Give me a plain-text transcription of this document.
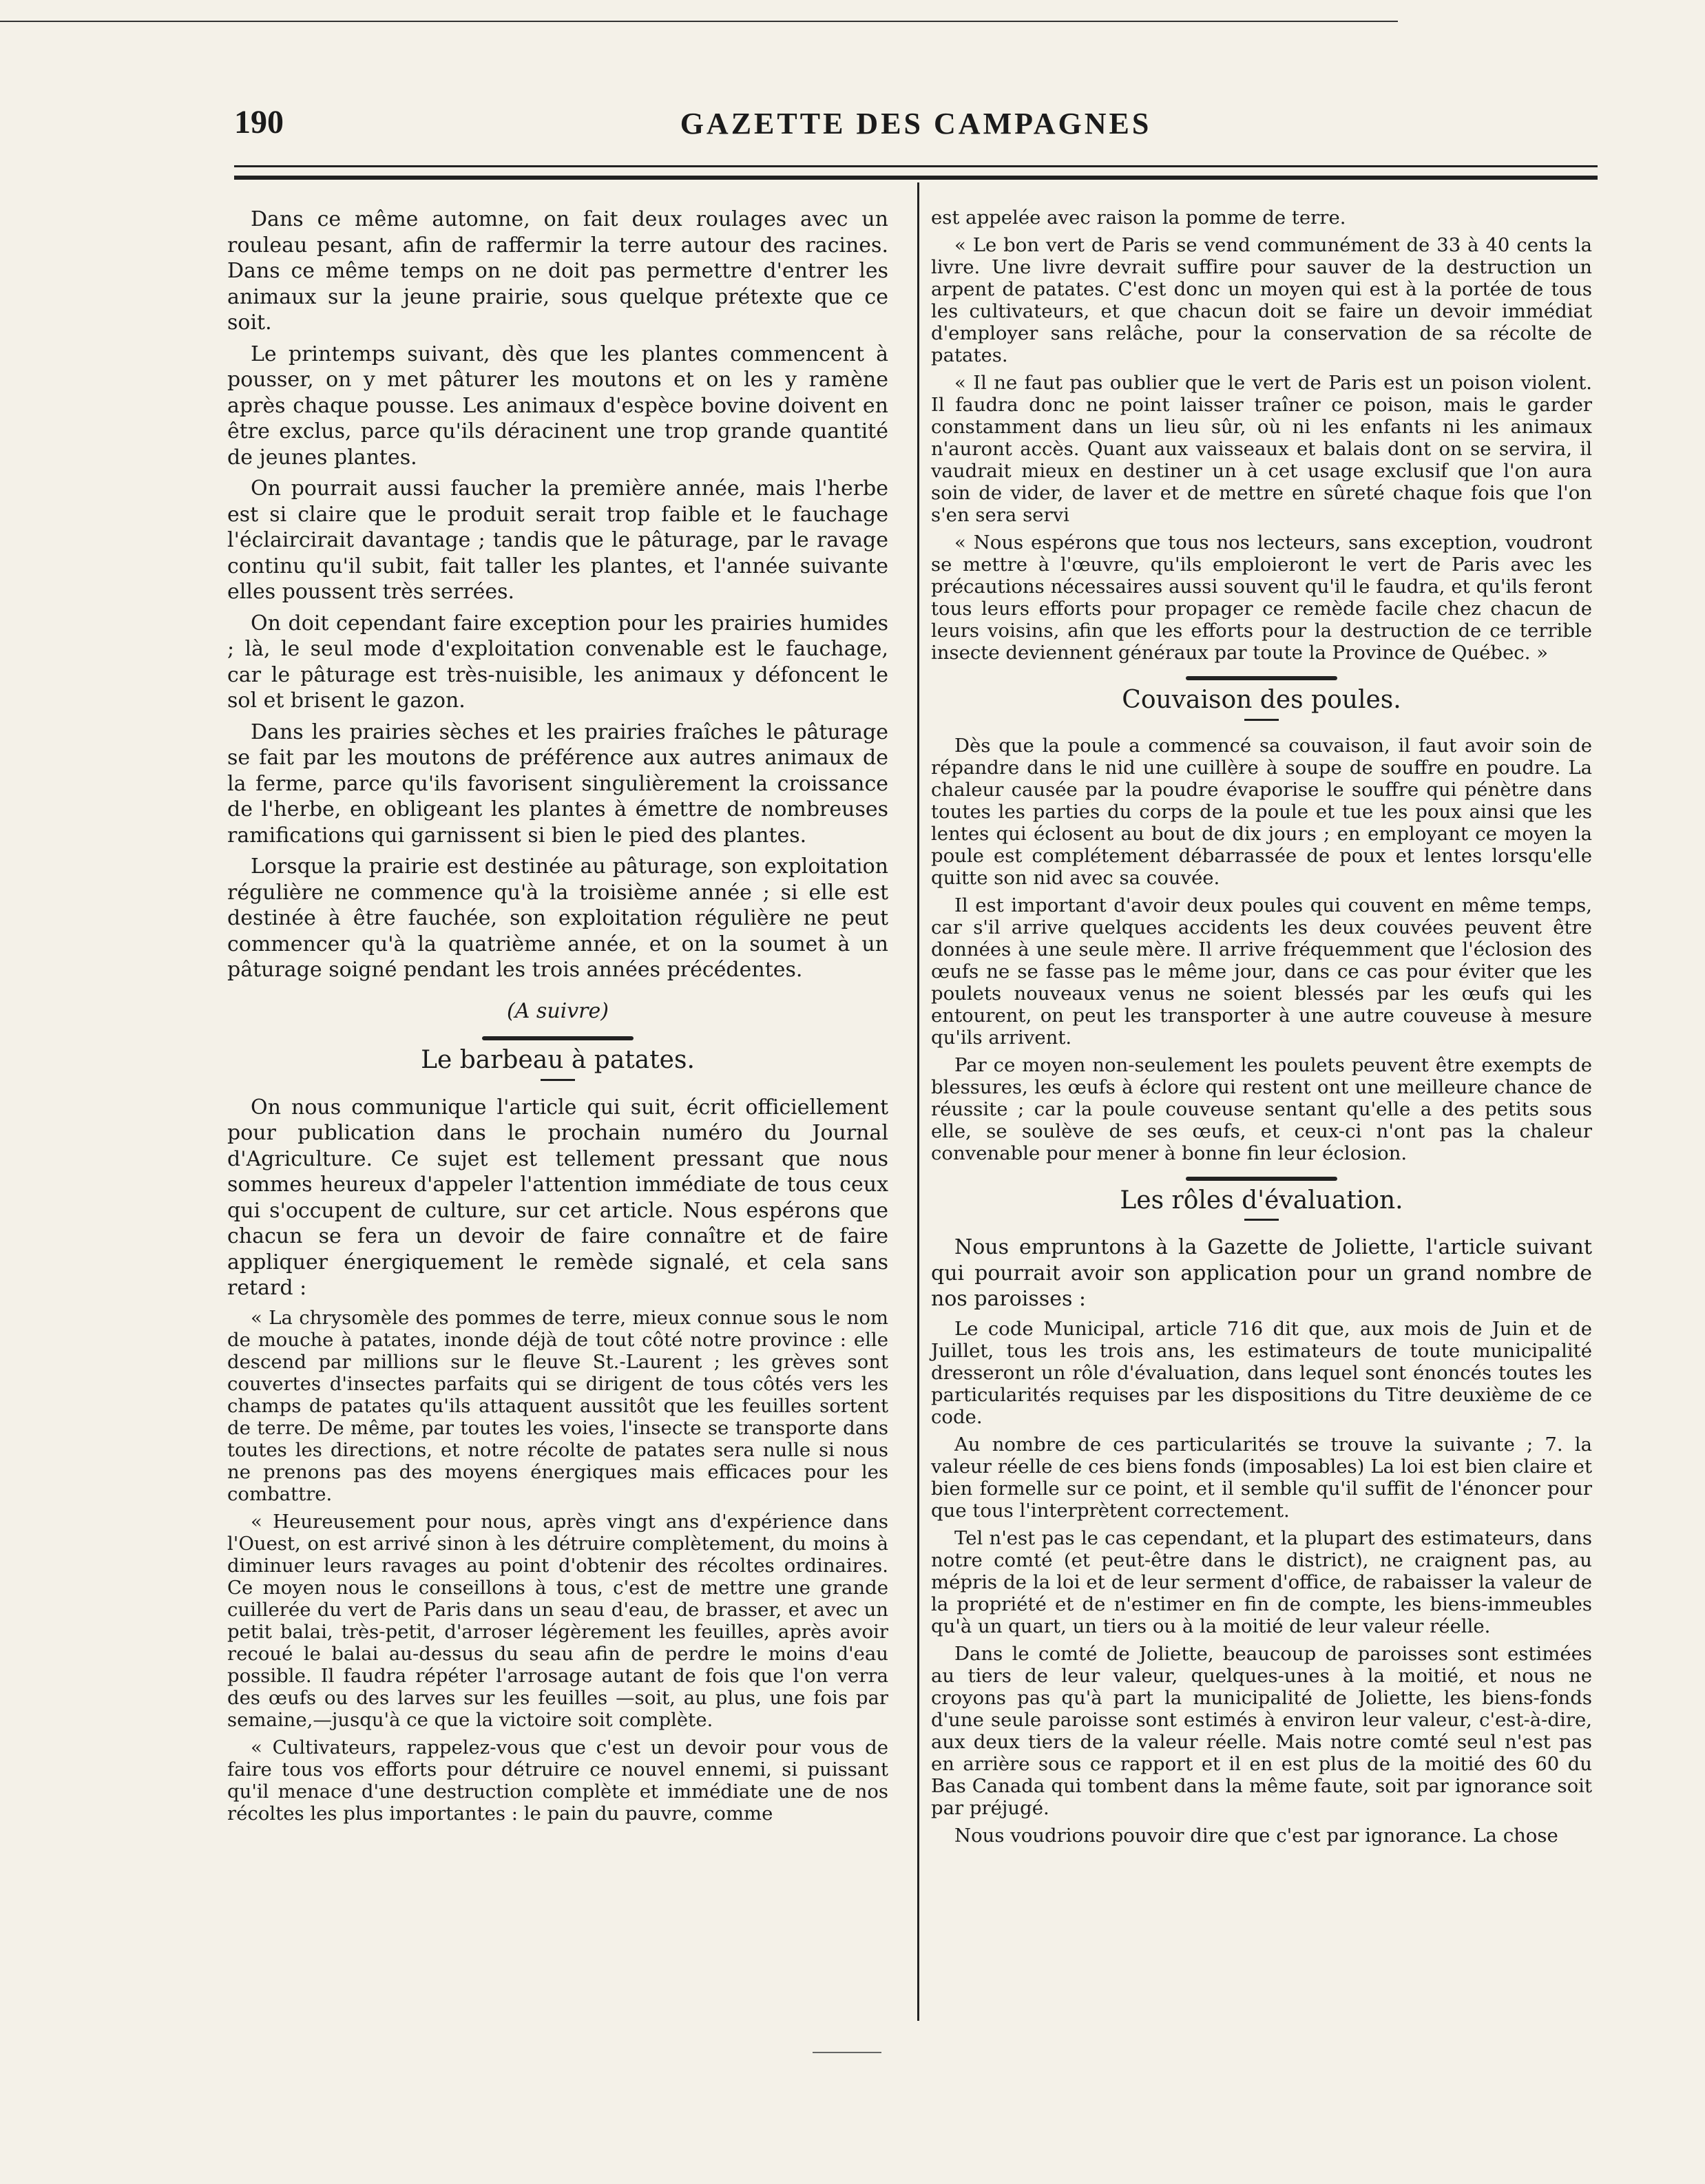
190	GAZETTE DES CAMPAGNES

Dans ce même automne, on fait deux roulages avec un rouleau pesant, afin de raffermir la terre autour des racines. Dans ce même temps on ne doit pas permettre d'entrer les animaux sur la jeune prairie, sous quelque prétexte que ce soit.

Le printemps suivant, dès que les plantes commencent à pousser, on y met pâturer les moutons et on les y ramène après chaque pousse. Les animaux d'espèce bovine doivent en être exclus, parce qu'ils déracinent une trop grande quantité de jeunes plantes.

On pourrait aussi faucher la première année, mais l'herbe est si claire que le produit serait trop faible et le fauchage l'éclaircirait davantage ; tandis que le pâturage, par le ravage continu qu'il subit, fait taller les plantes, et l'année suivante elles poussent très serrées.

On doit cependant faire exception pour les prairies humides ; là, le seul mode d'exploitation convenable est le fauchage, car le pâturage est très-nuisible, les animaux y défoncent le sol et brisent le gazon.

Dans les prairies sèches et les prairies fraîches le pâturage se fait par les moutons de préférence aux autres animaux de la ferme, parce qu'ils favorisent singulièrement la croissance de l'herbe, en obligeant les plantes à émettre de nombreuses ramifications qui garnissent si bien le pied des plantes.

Lorsque la prairie est destinée au pâturage, son exploitation régulière ne commence qu'à la troisième année ; si elle est destinée à être fauchée, son exploitation régulière ne peut commencer qu'à la quatrième année, et on la soumet à un pâturage soigné pendant les trois années précédentes.

(A suivre)
Le barbeau à patates.

On nous communique l'article qui suit, écrit officiellement pour publication dans le prochain numéro du Journal d'Agriculture. Ce sujet est tellement pressant que nous sommes heureux d'appeler l'attention immédiate de tous ceux qui s'occupent de culture, sur cet article. Nous espérons que chacun se fera un devoir de faire connaître et de faire appliquer énergiquement le remède signalé, et cela sans retard :

« La chrysomèle des pommes de terre, mieux connue sous le nom de mouche à patates, inonde déjà de tout côté notre province : elle descend par millions sur le fleuve St.-Laurent ; les grèves sont couvertes d'insectes parfaits qui se dirigent de tous côtés vers les champs de patates qu'ils attaquent aussitôt que les feuilles sortent de terre. De même, par toutes les voies, l'insecte se transporte dans toutes les directions, et notre récolte de patates sera nulle si nous ne prenons pas des moyens énergiques mais efficaces pour les combattre.

« Heureusement pour nous, après vingt ans d'expérience dans l'Ouest, on est arrivé sinon à les détruire complètement, du moins à diminuer leurs ravages au point d'obtenir des récoltes ordinaires. Ce moyen nous le conseillons à tous, c'est de mettre une grande cuillerée du vert de Paris dans un seau d'eau, de brasser, et avec un petit balai, très-petit, d'arroser légèrement les feuilles, après avoir recoué le balai au-dessus du seau afin de perdre le moins d'eau possible. Il faudra répéter l'arrosage autant de fois que l'on verra des œufs ou des larves sur les feuilles —soit, au plus, une fois par semaine,—jusqu'à ce que la victoire soit complète.

« Cultivateurs, rappelez-vous que c'est un devoir pour vous de faire tous vos efforts pour détruire ce nouvel ennemi, si puissant qu'il menace d'une destruction complète et immédiate une de nos récoltes les plus importantes : le pain du pauvre, comme

est appelée avec raison la pomme de terre.

« Le bon vert de Paris se vend communément de 33 à 40 cents la livre. Une livre devrait suffire pour sauver de la destruction un arpent de patates. C'est donc un moyen qui est à la portée de tous les cultivateurs, et que chacun doit se faire un devoir immédiat d'employer sans relâche, pour la conservation de sa récolte de patates.

« Il ne faut pas oublier que le vert de Paris est un poison violent. Il faudra donc ne point laisser traîner ce poison, mais le garder constamment dans un lieu sûr, où ni les enfants ni les animaux n'auront accès. Quant aux vaisseaux et balais dont on se servira, il vaudrait mieux en destiner un à cet usage exclusif que l'on aura soin de vider, de laver et de mettre en sûreté chaque fois que l'on s'en sera servi

« Nous espérons que tous nos lecteurs, sans exception, voudront se mettre à l'œuvre, qu'ils emploieront le vert de Paris avec les précautions nécessaires aussi souvent qu'il le faudra, et qu'ils feront tous leurs efforts pour propager ce remède facile chez chacun de leurs voisins, afin que les efforts pour la destruction de ce terrible insecte deviennent généraux par toute la Province de Québec. »

Couvaison des poules.

Dès que la poule a commencé sa couvaison, il faut avoir soin de répandre dans le nid une cuillère à soupe de souffre en poudre. La chaleur causée par la poudre évaporise le souffre qui pénètre dans toutes les parties du corps de la poule et tue les poux ainsi que les lentes qui éclosent au bout de dix jours ; en employant ce moyen la poule est complétement débarrassée de poux et lentes lorsqu'elle quitte son nid avec sa couvée.

Il est important d'avoir deux poules qui couvent en même temps, car s'il arrive quelques accidents les deux couvées peuvent être données à une seule mère. Il arrive fréquemment que l'éclosion des œufs ne se fasse pas le même jour, dans ce cas pour éviter que les poulets nouveaux venus ne soient blessés par les œufs qui les entourent, on peut les transporter à une autre couveuse à mesure qu'ils arrivent.

Par ce moyen non-seulement les poulets peuvent être exempts de blessures, les œufs à éclore qui restent ont une meilleure chance de réussite ; car la poule couveuse sentant qu'elle a des petits sous elle, se soulève de ses œufs, et ceux-ci n'ont pas la chaleur convenable pour mener à bonne fin leur éclosion.

Les rôles d'évaluation.

Nous empruntons à la Gazette de Joliette, l'article suivant qui pourrait avoir son application pour un grand nombre de nos paroisses :

Le code Municipal, article 716 dit que, aux mois de Juin et de Juillet, tous les trois ans, les estimateurs de toute municipalité dresseront un rôle d'évaluation, dans lequel sont énoncés toutes les particularités requises par les dispositions du Titre deuxième de ce code.

Au nombre de ces particularités se trouve la suivante ; 7. la valeur réelle de ces biens fonds (imposables) La loi est bien claire et bien formelle sur ce point, et il semble qu'il suffit de l'énoncer pour que tous l'interprètent correctement.

Tel n'est pas le cas cependant, et la plupart des estimateurs, dans notre comté (et peut-être dans le district), ne craignent pas, au mépris de la loi et de leur serment d'office, de rabaisser la valeur de la propriété et de n'estimer en fin de compte, les biens-immeubles qu'à un quart, un tiers ou à la moitié de leur valeur réelle.

Dans le comté de Joliette, beaucoup de paroisses sont estimées au tiers de leur valeur, quelques-unes à la moitié, et nous ne croyons pas qu'à part la municipalité de Joliette, les biens-fonds d'une seule paroisse sont estimés à environ leur valeur, c'est-à-dire, aux deux tiers de la valeur réelle. Mais notre comté seul n'est pas en arrière sous ce rapport et il en est plus de la moitié des 60 du Bas Canada qui tombent dans la même faute, soit par ignorance soit par préjugé.

Nous voudrions pouvoir dire que c'est par ignorance. La chose
